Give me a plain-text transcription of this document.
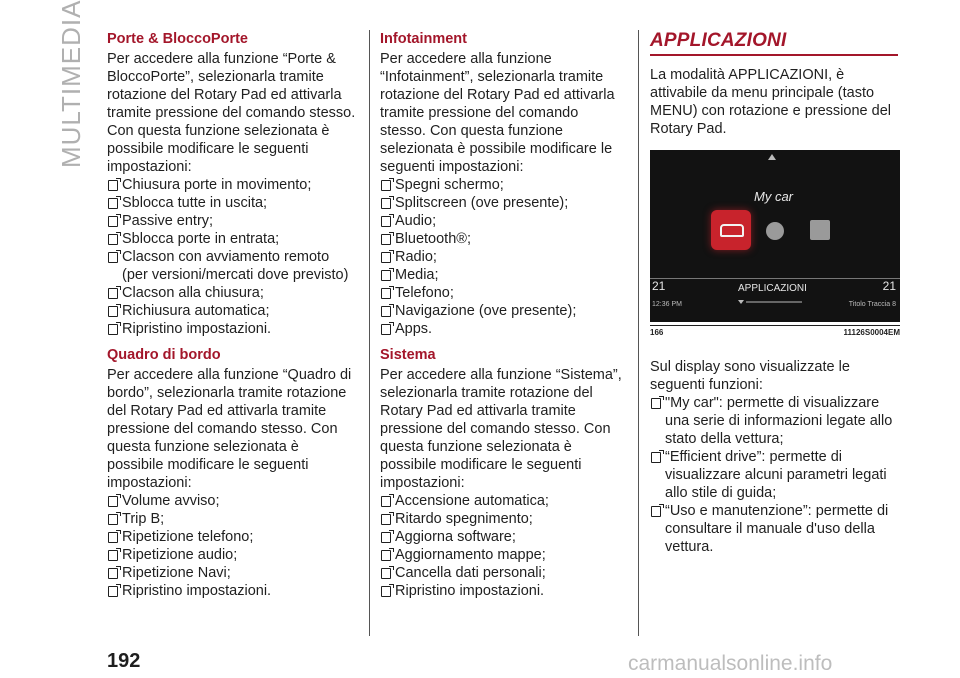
MULTIMEDIA Porte & BloccoPorte

Per accedere alla funzione “Porte & BloccoPorte”, selezionarla tramite rotazione del Rotary Pad ed attivarla tramite pressione del comando stesso. Con questa funzione selezionata è possibile modificare le seguenti impostazioni:

Chiusura porte in movimento;
Sblocca tutte in uscita;
Passive entry;
Sblocca porte in entrata;
Clacson con avviamento remoto (per versioni/mercati dove previsto)
Clacson alla chiusura;
Richiusura automatica;
Ripristino impostazioni.
Quadro di bordo

Per accedere alla funzione “Quadro di bordo”, selezionarla tramite rotazione del Rotary Pad ed attivarla tramite pressione del comando stesso. Con questa funzione selezionata è possibile modificare le seguenti impostazioni:

Volume avviso;
Trip B;
Ripetizione telefono;
Ripetizione audio;
Ripetizione Navi;
Ripristino impostazioni.
Infotainment

Per accedere alla funzione “Infotainment”, selezionarla tramite rotazione del Rotary Pad ed attivarla tramite pressione del comando stesso. Con questa funzione selezionata è possibile modificare le seguenti impostazioni:

Spegni schermo;
Splitscreen (ove presente);
Audio;
Bluetooth®;
Radio;
Media;
Telefono;
Navigazione (ove presente);
Apps.
Sistema

Per accedere alla funzione “Sistema”, selezionarla tramite rotazione del Rotary Pad ed attivarla tramite pressione del comando stesso. Con questa funzione selezionata è possibile modificare le seguenti impostazioni:

Accensione automatica;
Ritardo spegnimento;
Aggiorna software;
Aggiornamento mappe;
Cancella dati personali;
Ripristino impostazioni.
APPLICAZIONI

La modalità APPLICAZIONI, è attivabile da menu principale (tasto MENU) con rotazione e pressione del Rotary Pad.

My car
21	APPLICAZIONI	21
12:36 PM	Titolo Traccia 8
166	11126S0004EM

Sul display sono visualizzate le seguenti funzioni:

"My car": permette di visualizzare una serie di informazioni legate allo stato della vettura;
“Efficient drive”: permette di visualizzare alcuni parametri legati allo stile di guida;
“Uso e manutenzione”: permette di consultare il manuale d'uso della vettura.
192	carmanualsonline.info
